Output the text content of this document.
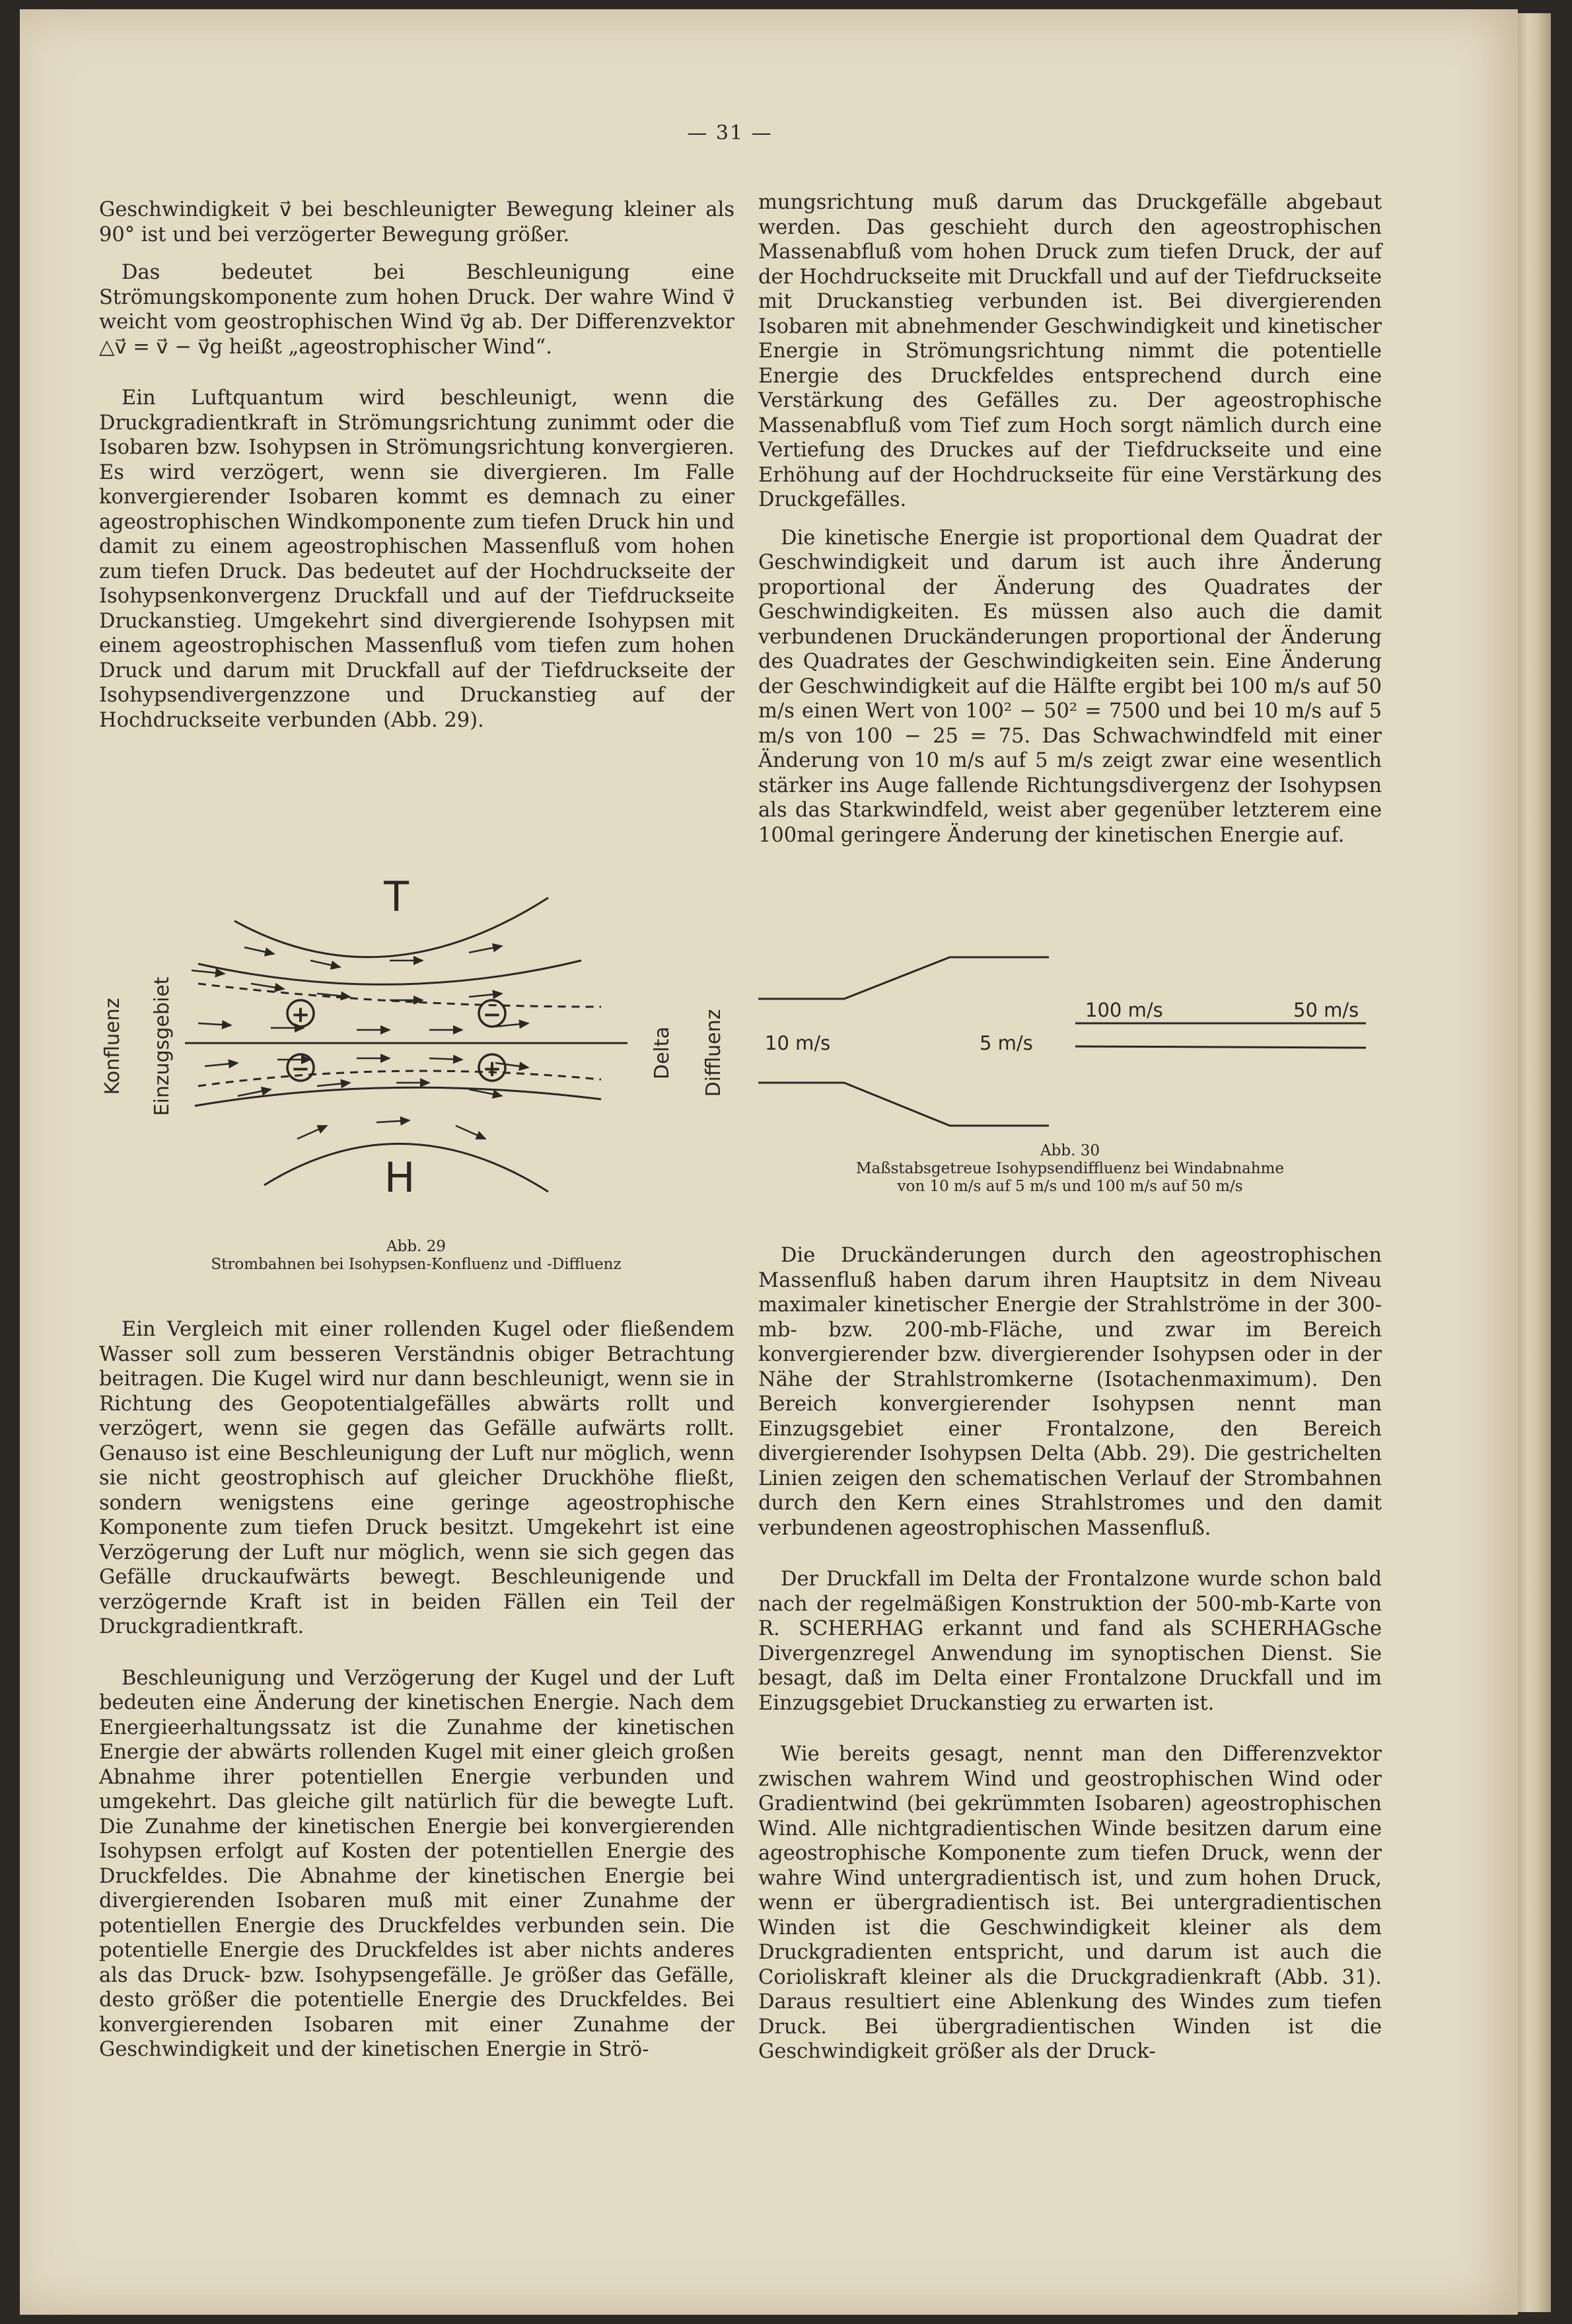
— 31 —

Geschwindigkeit v⃗ bei beschleunigter Bewegung kleiner als 90° ist und bei verzögerter Bewegung größer.

Das bedeutet bei Beschleunigung eine Strömungskomponente zum hohen Druck. Der wahre Wind v⃗ weicht vom geostrophischen Wind v⃗g ab. Der Differenzvektor △v⃗ = v⃗ − v⃗g heißt „ageostrophischer Wind“.

Ein Luftquantum wird beschleunigt, wenn die Druckgradientkraft in Strömungsrichtung zunimmt oder die Isobaren bzw. Isohypsen in Strömungsrichtung konvergieren. Es wird verzögert, wenn sie divergieren. Im Falle konvergierender Isobaren kommt es demnach zu einer ageostrophischen Windkomponente zum tiefen Druck hin und damit zu einem ageostrophischen Massenfluß vom hohen zum tiefen Druck. Das bedeutet auf der Hochdruckseite der Isohypsenkonvergenz Druckfall und auf der Tiefdruckseite Druckanstieg. Umgekehrt sind divergierende Isohypsen mit einem ageostrophischen Massenfluß vom tiefen zum hohen Druck und darum mit Druckfall auf der Tiefdruckseite der Isohypsendivergenzzone und Druckanstieg auf der Hochdruckseite verbunden (Abb. 29).

+	−
−	+
T
H
Konfluenz Einzugsgebiet	Delta Diffluenz
Abb. 29
Strombahnen bei Isohypsen-Konfluenz und -Diffluenz

Ein Vergleich mit einer rollenden Kugel oder fließendem Wasser soll zum besseren Verständnis obiger Betrachtung beitragen. Die Kugel wird nur dann beschleunigt, wenn sie in Richtung des Geopotentialgefälles abwärts rollt und verzögert, wenn sie gegen das Gefälle aufwärts rollt. Genauso ist eine Beschleunigung der Luft nur möglich, wenn sie nicht geostrophisch auf gleicher Druckhöhe fließt, sondern wenigstens eine geringe ageostrophische Komponente zum tiefen Druck besitzt. Umgekehrt ist eine Verzögerung der Luft nur möglich, wenn sie sich gegen das Gefälle druckaufwärts bewegt. Beschleunigende und verzögernde Kraft ist in beiden Fällen ein Teil der Druckgradientkraft.

Beschleunigung und Verzögerung der Kugel und der Luft bedeuten eine Änderung der kinetischen Energie. Nach dem Energieerhaltungssatz ist die Zunahme der kinetischen Energie der abwärts rollenden Kugel mit einer gleich großen Abnahme ihrer potentiellen Energie verbunden und umgekehrt. Das gleiche gilt natürlich für die bewegte Luft. Die Zunahme der kinetischen Energie bei konvergierenden Isohypsen erfolgt auf Kosten der potentiellen Energie des Druckfeldes. Die Abnahme der kinetischen Energie bei divergierenden Isobaren muß mit einer Zunahme der potentiellen Energie des Druckfeldes verbunden sein. Die potentielle Energie des Druckfeldes ist aber nichts anderes als das Druck- bzw. Isohypsengefälle. Je größer das Gefälle, desto größer die potentielle Energie des Druckfeldes. Bei konvergierenden Isobaren mit einer Zunahme der Geschwindigkeit und der kinetischen Energie in Strö-

mungsrichtung muß darum das Druckgefälle abgebaut werden. Das geschieht durch den ageostrophischen Massenabfluß vom hohen Druck zum tiefen Druck, der auf der Hochdruckseite mit Druckfall und auf der Tiefdruckseite mit Druckanstieg verbunden ist. Bei divergierenden Isobaren mit abnehmender Geschwindigkeit und kinetischer Energie in Strömungsrichtung nimmt die potentielle Energie des Druckfeldes entsprechend durch eine Verstärkung des Gefälles zu. Der ageostrophische Massenabfluß vom Tief zum Hoch sorgt nämlich durch eine Vertiefung des Druckes auf der Tiefdruckseite und eine Erhöhung auf der Hochdruckseite für eine Verstärkung des Druckgefälles.

Die kinetische Energie ist proportional dem Quadrat der Geschwindigkeit und darum ist auch ihre Änderung proportional der Änderung des Quadrates der Geschwindigkeiten. Es müssen also auch die damit verbundenen Druckänderungen proportional der Änderung des Quadrates der Geschwindigkeiten sein. Eine Änderung der Geschwindigkeit auf die Hälfte ergibt bei 100 m/s auf 50 m/s einen Wert von 100² − 50² = 7500 und bei 10 m/s auf 5 m/s von 100 − 25 = 75. Das Schwachwindfeld mit einer Änderung von 10 m/s auf 5 m/s zeigt zwar eine wesentlich stärker ins Auge fallende Richtungsdivergenz der Isohypsen als das Starkwindfeld, weist aber gegenüber letzterem eine 100mal geringere Änderung der kinetischen Energie auf.

10 m/s	5 m/s
100 m/s	50 m/s
Abb. 30
Maßstabsgetreue Isohypsendiffluenz bei Windabnahme
von 10 m/s auf 5 m/s und 100 m/s auf 50 m/s

Die Druckänderungen durch den ageostrophischen Massenfluß haben darum ihren Hauptsitz in dem Niveau maximaler kinetischer Energie der Strahlströme in der 300-mb- bzw. 200-mb-Fläche, und zwar im Bereich konvergierender bzw. divergierender Isohypsen oder in der Nähe der Strahlstromkerne (Isotachenmaximum). Den Bereich konvergierender Isohypsen nennt man Einzugsgebiet einer Frontalzone, den Bereich divergierender Isohypsen Delta (Abb. 29). Die gestrichelten Linien zeigen den schematischen Verlauf der Strombahnen durch den Kern eines Strahlstromes und den damit verbundenen ageostrophischen Massenfluß.

Der Druckfall im Delta der Frontalzone wurde schon bald nach der regelmäßigen Konstruktion der 500-mb-Karte von R. SCHERHAG erkannt und fand als SCHERHAGsche Divergenzregel Anwendung im synoptischen Dienst. Sie besagt, daß im Delta einer Frontalzone Druckfall und im Einzugsgebiet Druckanstieg zu erwarten ist.

Wie bereits gesagt, nennt man den Differenzvektor zwischen wahrem Wind und geostrophischen Wind oder Gradientwind (bei gekrümmten Isobaren) ageostrophischen Wind. Alle nichtgradientischen Winde besitzen darum eine ageostrophische Komponente zum tiefen Druck, wenn der wahre Wind untergradientisch ist, und zum hohen Druck, wenn er übergradientisch ist. Bei untergradientischen Winden ist die Geschwindigkeit kleiner als dem Druckgradienten entspricht, und darum ist auch die Corioliskraft kleiner als die Druckgradienkraft (Abb. 31). Daraus resultiert eine Ablenkung des Windes zum tiefen Druck. Bei übergradientischen Winden ist die Geschwindigkeit größer als der Druck-
